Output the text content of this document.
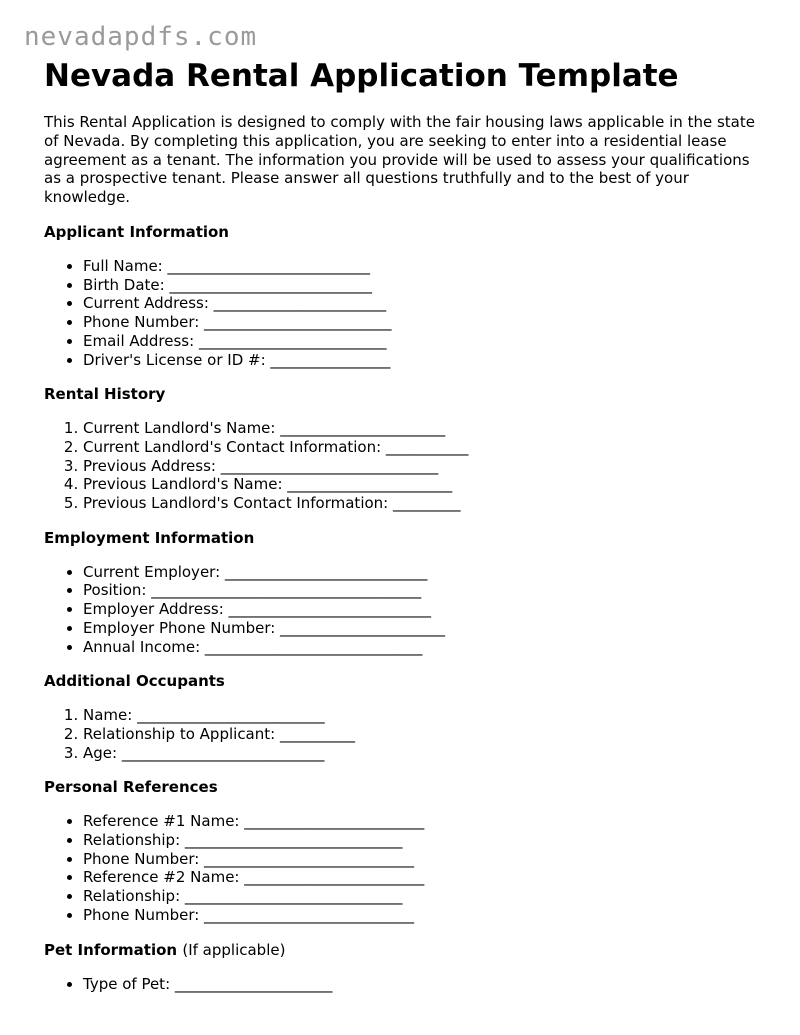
nevadapdfs.com
Nevada Rental Application Template

This Rental Application is designed to comply with the fair housing laws applicable in the state of Nevada. By completing this application, you are seeking to enter into a residential lease agreement as a tenant. The information you provide will be used to assess your qualifications as a prospective tenant. Please answer all questions truthfully and to the best of your knowledge.

Applicant Information
• Full Name: ___________________________
• Birth Date: ___________________________
• Current Address: _______________________
• Phone Number: _________________________
• Email Address: _________________________
• Driver's License or ID #: ________________
Rental History
1. Current Landlord's Name: ______________________
2. Current Landlord's Contact Information: ___________
3. Previous Address: _____________________________
4. Previous Landlord's Name: ______________________
5. Previous Landlord's Contact Information: _________
Employment Information
• Current Employer: ___________________________
• Position: ____________________________________
• Employer Address: ___________________________
• Employer Phone Number: ______________________
• Annual Income: _____________________________
Additional Occupants
1. Name: _________________________
2. Relationship to Applicant: __________
3. Age: ___________________________
Personal References
• Reference #1 Name: ________________________
• Relationship: _____________________________
• Phone Number: ____________________________
• Reference #2 Name: ________________________
• Relationship: _____________________________
• Phone Number: ____________________________
Pet Information (If applicable)
• Type of Pet: _____________________
